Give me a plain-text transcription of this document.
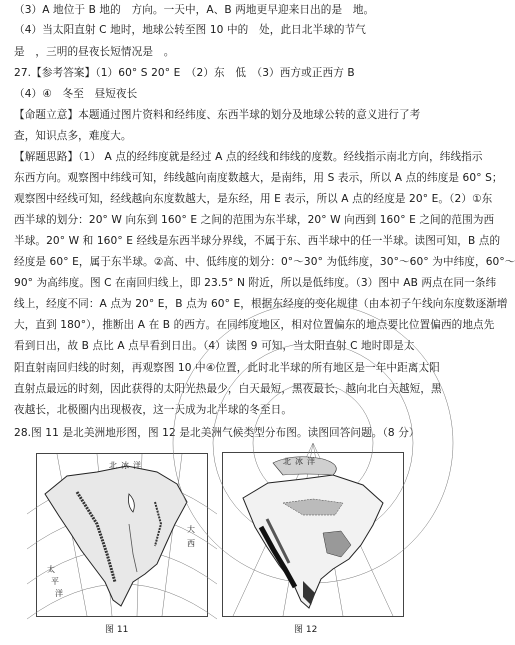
（3）A 地位于 B 地的　方向。一天中，A、B 两地更早迎来日出的是　地。
（4）当太阳直射 C 地时，地球公转至图 10 中的　处，此日北半球的节气
是　，三明的昼夜长短情况是　。
27.【参考答案】（1）60° S 20° E　（2）东　低　（3）西方或正西方 B
（4）④　冬至　昼短夜长
【命题立意】本题通过图片资料和经纬度、东西半球的划分及地球公转的意义进行了考
查，知识点多，难度大。
【解题思路】（1） A 点的经纬度就是经过 A 点的经线和纬线的度数。经线指示南北方向，纬线指示
东西方向。观察图中纬线可知，纬线越向南度数越大，是南纬，用 S 表示，所以 A 点的纬度是 60° S；
观察图中经线可知，经线越向东度数越大，是东经，用 E 表示，所以 A 点的经度是 20° E。（2）①东
西半球的划分：20° W 向东到 160° E 之间的范围为东半球，20° W 向西到 160° E 之间的范围为西
半球。20° W 和 160° E 经线是东西半球分界线，不属于东、西半球中的任一半球。读图可知，B 点的
经度是 60° E，属于东半球。②高、中、低纬度的划分：0°～30° 为低纬度，30°～60° 为中纬度，60°～
90° 为高纬度。图 C 在南回归线上，即 23.5° N 附近，所以是低纬度。（3）图中 AB 两点在同一条纬
线上，经度不同：A 点为 20° E，B 点为 60° E，根据东经度的变化规律（由本初子午线向东度数逐渐增
大，直到 180°），推断出 A 在 B 的西方。在同纬度地区，相对位置偏东的地点要比位置偏西的地点先
看到日出，故 B 点比 A 点早看到日出。（4）读图 9 可知，当太阳直射 C 地时即是太
阳直射南回归线的时刻，再观察图 10 中④位置，此时北半球的所有地区是一年中距离太阳
直射点最远的时刻，因此获得的太阳光热最少，白天最短，黑夜最长，越向北白天越短，黑
夜越长，北极圈内出现极夜，这一天成为北半球的冬至日。
28.图 11 是北美洲地形图，图 12 是北美洲气候类型分布图。读图回答问题。（8 分）
北 冰 洋
大
西
太
平
洋
图 11
北 冰 洋
图 12
